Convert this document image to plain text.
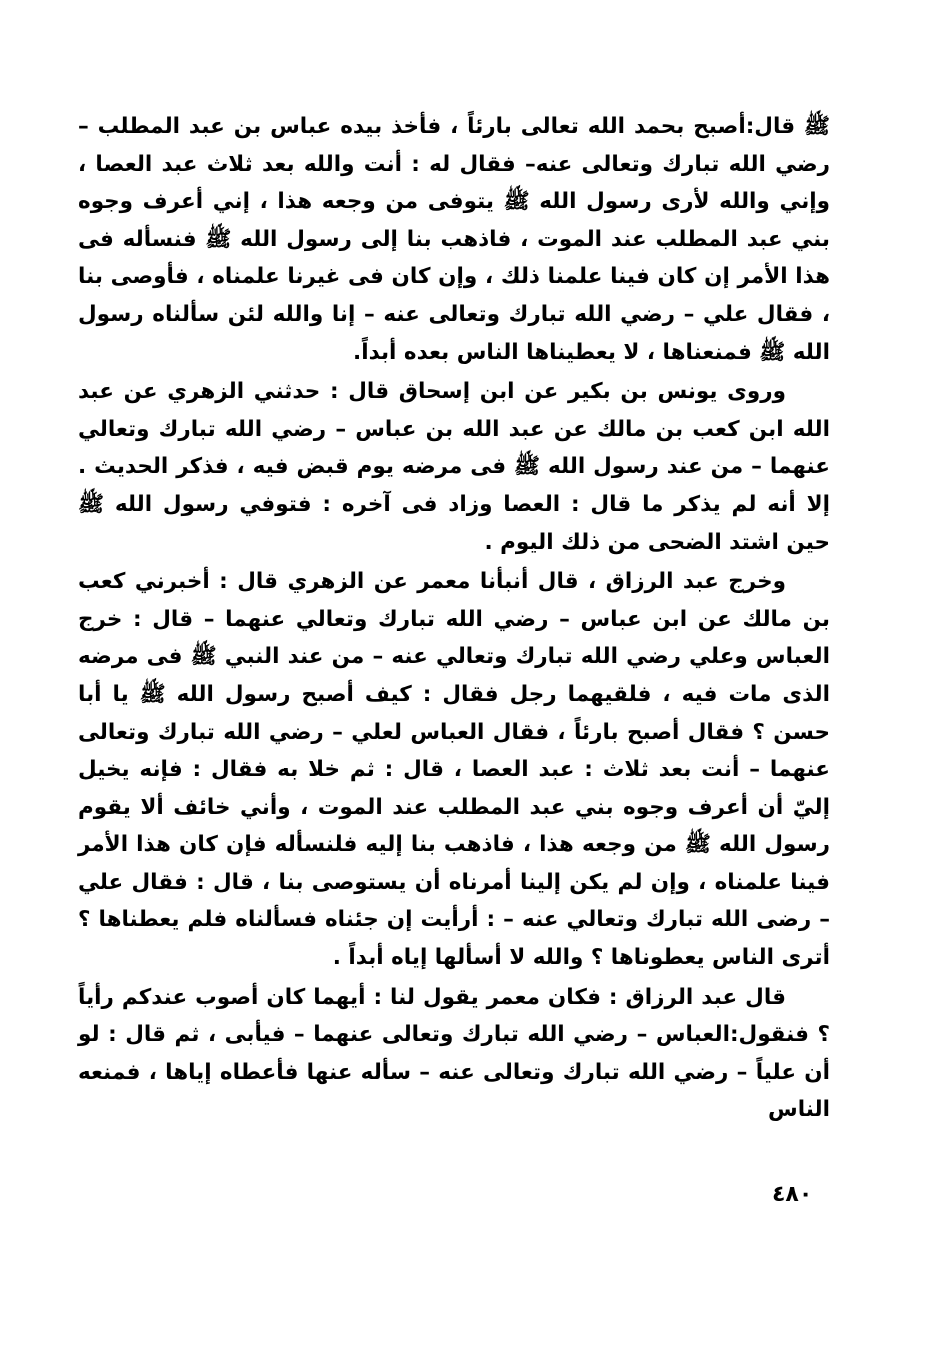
ﷺ قال:أصبح بحمد الله تعالى بارئاً ، فأخذ بيده عباس بن عبد المطلب – رضي الله تبارك وتعالى عنه– فقال له : أنت والله بعد ثلاث عبد العصا ، وإني والله لأرى رسول الله ﷺ يتوفى من وجعه هذا ، إني أعرف وجوه بني عبد المطلب عند الموت ، فاذهب بنا إلى رسول الله ﷺ فنسأله فى هذا الأمر إن كان فينا علمنا ذلك ، وإن كان فى غيرنا علمناه ، فأوصى بنا ، فقال علي – رضي الله تبارك وتعالى عنه – إنا والله لئن سألناه رسول الله ﷺ فمنعناها ، لا يعطيناها الناس بعده أبداً.

وروى يونس بن بكير عن ابن إسحاق قال : حدثني الزهري عن عبد الله ابن كعب بن مالك عن عبد الله بن عباس – رضي الله تبارك وتعالي عنهما – من عند رسول الله ﷺ فى مرضه يوم قبض فيه ، فذكر الحديث . إلا أنه لم يذكر ما قال : العصا وزاد فى آخره : فتوفي رسول الله ﷺ حين اشتد الضحى من ذلك اليوم .

وخرج عبد الرزاق ، قال أنبأنا معمر عن الزهري قال : أخبرني كعب بن مالك عن ابن عباس – رضي الله تبارك وتعالي عنهما – قال : خرج العباس وعلي رضي الله تبارك وتعالي عنه – من عند النبي ﷺ فى مرضه الذى مات فيه ، فلقيهما رجل فقال : كيف أصبح رسول الله ﷺ يا أبا حسن ؟ فقال أصبح بارئاً ، فقال العباس لعلي – رضي الله تبارك وتعالى عنهما – أنت بعد ثلاث : عبد العصا ، قال : ثم خلا به فقال : فإنه يخيل إليّ أن أعرف وجوه بني عبد المطلب عند الموت ، وأني خائف ألا يقوم رسول الله ﷺ من وجعه هذا ، فاذهب بنا إليه فلنسأله فإن كان هذا الأمر فينا علمناه ، وإن لم يكن إلينا أمرناه أن يستوصى بنا ، قال : فقال علي – رضى الله تبارك وتعالي عنه – : أرأيت إن جئناه فسألناه فلم يعطناها ؟ أترى الناس يعطوناها ؟ والله لا أسألها إياه أبداً .

قال عبد الرزاق : فكان معمر يقول لنا : أيهما كان أصوب عندكم رأياً ؟ فنقول:العباس – رضي الله تبارك وتعالى عنهما – فيأبى ، ثم قال : لو أن علياً – رضي الله تبارك وتعالى عنه – سأله عنها فأعطاه إياها ، فمنعه الناس

٤٨٠
